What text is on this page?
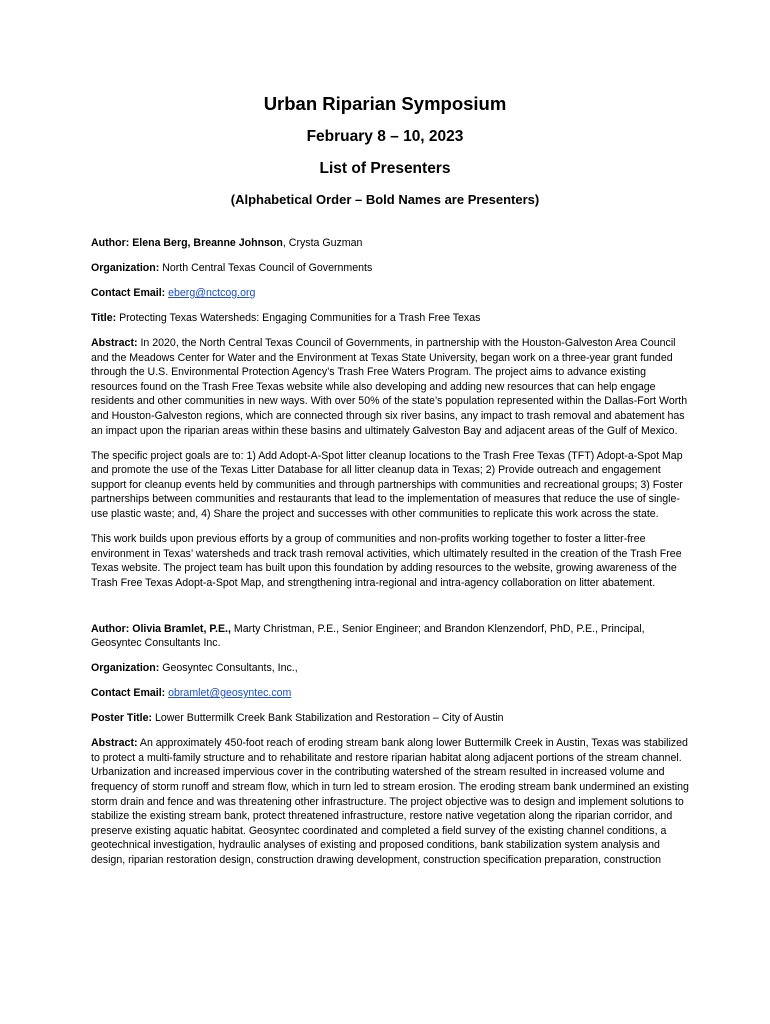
Urban Riparian Symposium
February 8 – 10, 2023
List of Presenters
(Alphabetical Order – Bold Names are Presenters)

Author: Elena Berg, Breanne Johnson, Crysta Guzman

Organization: North Central Texas Council of Governments

Contact Email: eberg@nctcog.org

Title: Protecting Texas Watersheds: Engaging Communities for a Trash Free Texas

Abstract: In 2020, the North Central Texas Council of Governments, in partnership with the Houston-Galveston Area Council and the Meadows Center for Water and the Environment at Texas State University, began work on a three-year grant funded through the U.S. Environmental Protection Agency’s Trash Free Waters Program. The project aims to advance existing resources found on the Trash Free Texas website while also developing and adding new resources that can help engage residents and other communities in new ways. With over 50% of the state’s population represented within the Dallas-Fort Worth and Houston-Galveston regions, which are connected through six river basins, any impact to trash removal and abatement has an impact upon the riparian areas within these basins and ultimately Galveston Bay and adjacent areas of the Gulf of Mexico.

The specific project goals are to: 1) Add Adopt-A-Spot litter cleanup locations to the Trash Free Texas (TFT) Adopt-a-Spot Map and promote the use of the Texas Litter Database for all litter cleanup data in Texas; 2) Provide outreach and engagement support for cleanup events held by communities and through partnerships with communities and recreational groups; 3) Foster partnerships between communities and restaurants that lead to the implementation of measures that reduce the use of single-use plastic waste; and, 4) Share the project and successes with other communities to replicate this work across the state.

This work builds upon previous efforts by a group of communities and non-profits working together to foster a litter-free environment in Texas’ watersheds and track trash removal activities, which ultimately resulted in the creation of the Trash Free Texas website. The project team has built upon this foundation by adding resources to the website, growing awareness of the Trash Free Texas Adopt-a-Spot Map, and strengthening intra-regional and intra-agency collaboration on litter abatement.

Author: Olivia Bramlet, P.E., Marty Christman, P.E., Senior Engineer; and Brandon Klenzendorf, PhD, P.E., Principal, Geosyntec Consultants Inc.

Organization: Geosyntec Consultants, Inc.,

Contact Email: obramlet@geosyntec.com

Poster Title: Lower Buttermilk Creek Bank Stabilization and Restoration – City of Austin

Abstract: An approximately 450-foot reach of eroding stream bank along lower Buttermilk Creek in Austin, Texas was stabilized to protect a multi-family structure and to rehabilitate and restore riparian habitat along adjacent portions of the stream channel. Urbanization and increased impervious cover in the contributing watershed of the stream resulted in increased volume and frequency of storm runoff and stream flow, which in turn led to stream erosion. The eroding stream bank undermined an existing storm drain and fence and was threatening other infrastructure. The project objective was to design and implement solutions to stabilize the existing stream bank, protect threatened infrastructure, restore native vegetation along the riparian corridor, and preserve existing aquatic habitat. Geosyntec coordinated and completed a field survey of the existing channel conditions, a geotechnical investigation, hydraulic analyses of existing and proposed conditions, bank stabilization system analysis and design, riparian restoration design, construction drawing development, construction specification preparation, construction
